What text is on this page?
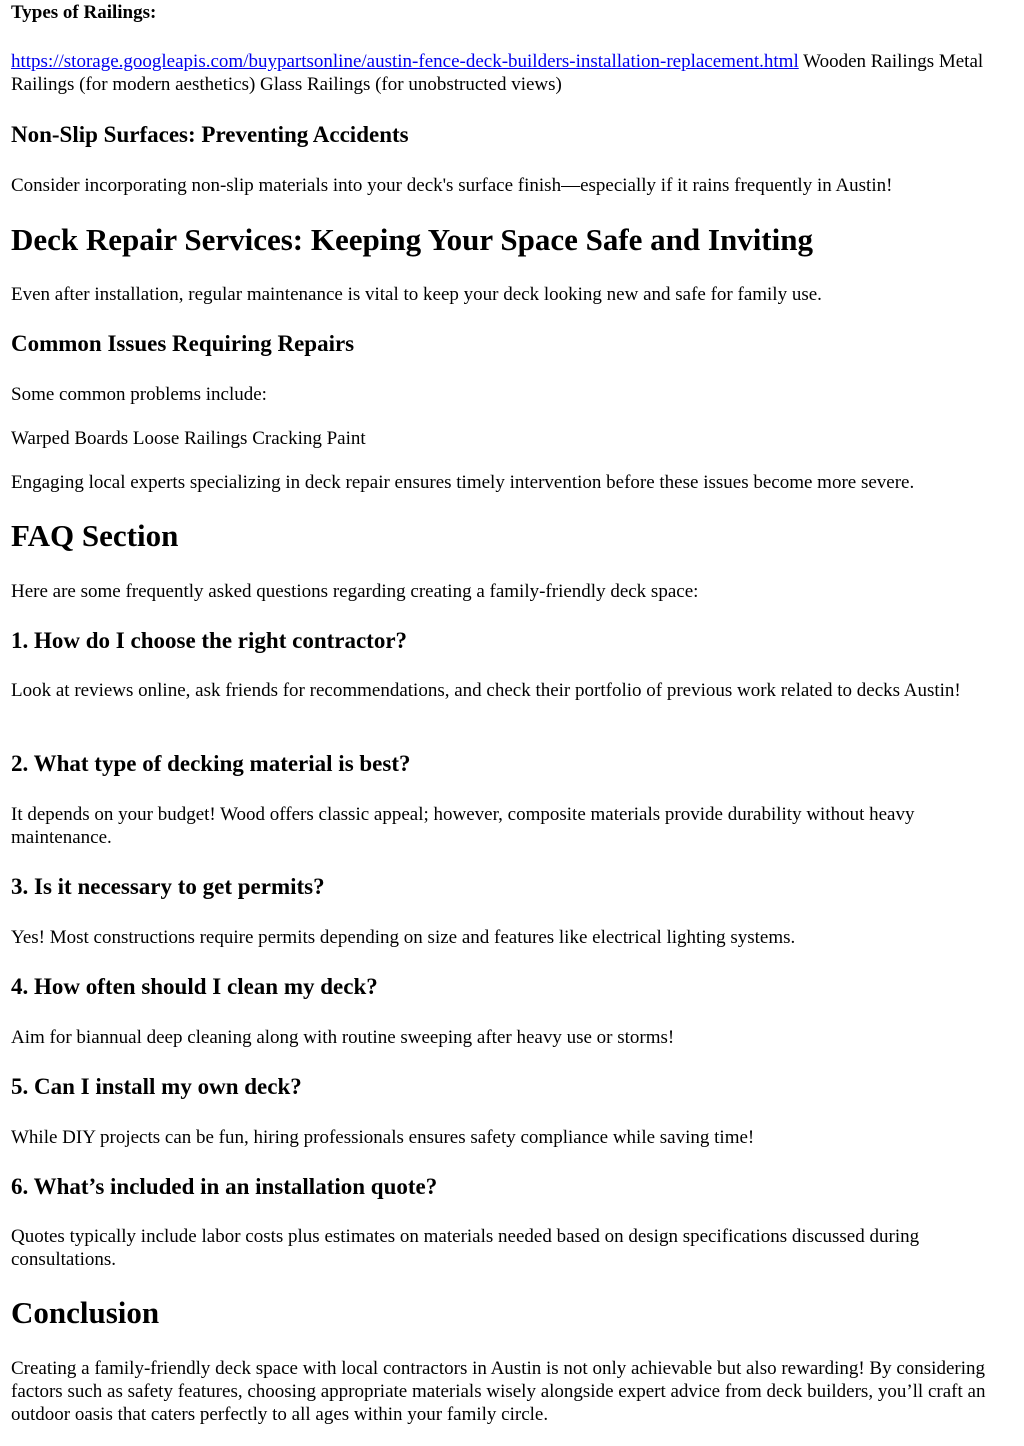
Types of Railings:

https://storage.googleapis.com/buypartsonline/austin-fence-deck-builders-installation-replacement.html Wooden Railings Metal Railings (for modern aesthetics) Glass Railings (for unobstructed views)

Non-Slip Surfaces: Preventing Accidents

Consider incorporating non-slip materials into your deck's surface finish—especially if it rains frequently in Austin!

Deck Repair Services: Keeping Your Space Safe and Inviting

Even after installation, regular maintenance is vital to keep your deck looking new and safe for family use.

Common Issues Requiring Repairs

Some common problems include:

Warped Boards Loose Railings Cracking Paint

Engaging local experts specializing in deck repair ensures timely intervention before these issues become more severe.

FAQ Section

Here are some frequently asked questions regarding creating a family-friendly deck space:

1. How do I choose the right contractor?

Look at reviews online, ask friends for recommendations, and check their portfolio of previous work related to decks Austin!

2. What type of decking material is best?

It depends on your budget! Wood offers classic appeal; however, composite materials provide durability without heavy maintenance.

3. Is it necessary to get permits?

Yes! Most constructions require permits depending on size and features like electrical lighting systems.

4. How often should I clean my deck?

Aim for biannual deep cleaning along with routine sweeping after heavy use or storms!

5. Can I install my own deck?

While DIY projects can be fun, hiring professionals ensures safety compliance while saving time!

6. What’s included in an installation quote?

Quotes typically include labor costs plus estimates on materials needed based on design specifications discussed during consultations.

Conclusion

Creating a family-friendly deck space with local contractors in Austin is not only achievable but also rewarding! By considering factors such as safety features, choosing appropriate materials wisely alongside expert advice from deck builders, you’ll craft an outdoor oasis that caters perfectly to all ages within your family circle.
